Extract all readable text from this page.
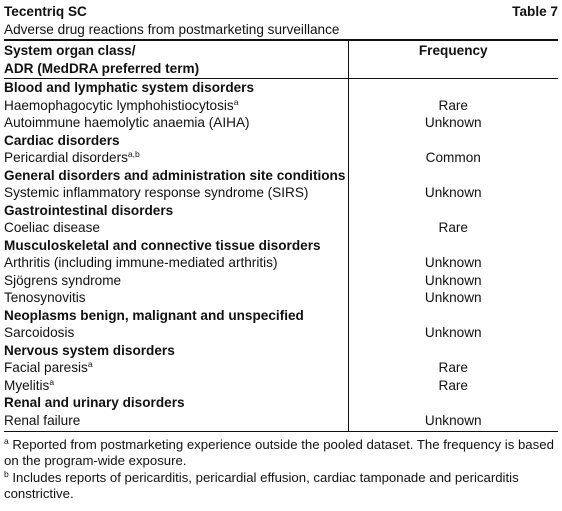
Tecentriq SC	Table 7
Adverse drug reactions from postmarketing surveillance
System organ class/
ADR (MedDRA preferred term)	Frequency
Blood and lymphatic system disorders	
Haemophagocytic lymphohistiocytosis$^a$	Rare
Autoimmune haemolytic anaemia (AIHA)	Unknown
Cardiac disorders	
Pericardial disorders$^{a,b}$	Common
General disorders and administration site conditions	
Systemic inflammatory response syndrome (SIRS)	Unknown
Gastrointestinal disorders	
Coeliac disease	Rare
Musculoskeletal and connective tissue disorders	
Arthritis (including immune-mediated arthritis)	Unknown
Sjögrens syndrome	Unknown
Tenosynovitis	Unknown
Neoplasms benign, malignant and unspecified	
Sarcoidosis	Unknown
Nervous system disorders	
Facial paresis$^a$	Rare
Myelitis$^a$	Rare
Renal and urinary disorders	
Renal failure	Unknown

$^a$ Reported from postmarketing experience outside the pooled dataset. The frequency is based on the program-wide exposure.

$^b$ Includes reports of pericarditis, pericardial effusion, cardiac tamponade and pericarditis constrictive.
